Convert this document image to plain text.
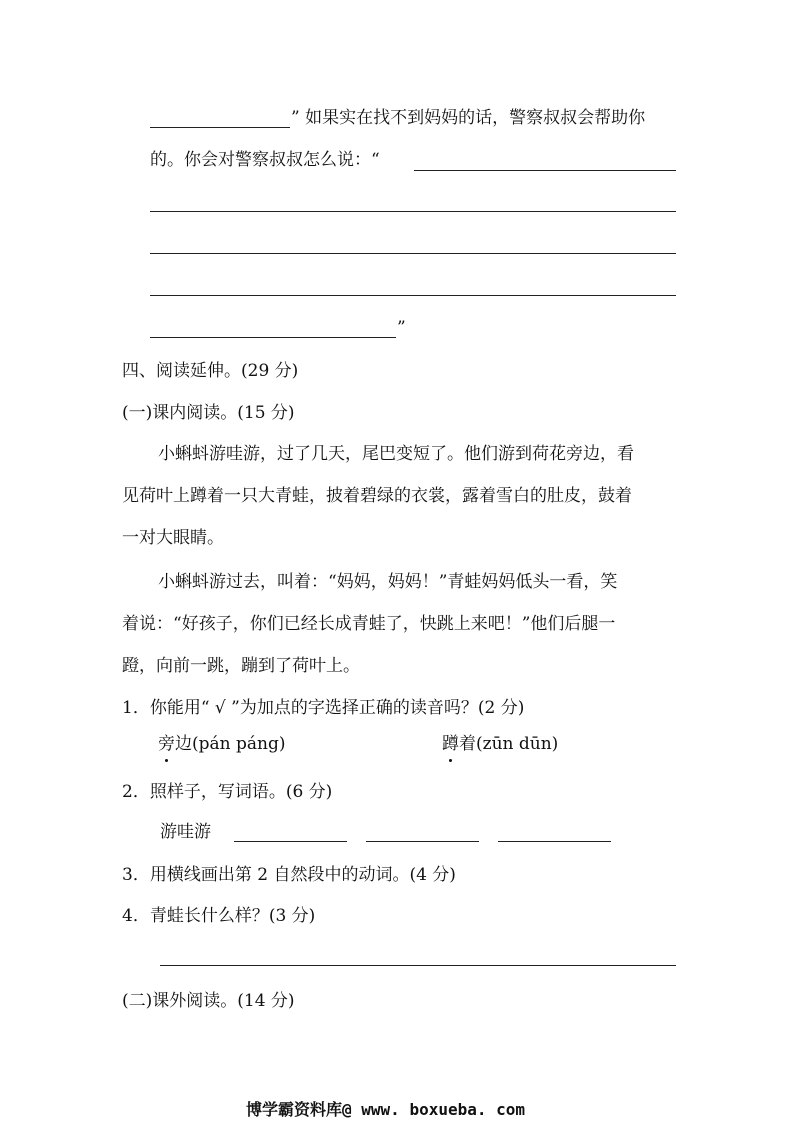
” 如果实在找不到妈妈的话，警察叔叔会帮助你
的。你会对警察叔叔怎么说：“
”
四、阅读延伸。(29 分)
(一)课内阅读。(15 分)
小蝌蚪游哇游，过了几天，尾巴变短了。他们游到荷花旁边，看
见荷叶上蹲着一只大青蛙，披着碧绿的衣裳，露着雪白的肚皮，鼓着
一对大眼睛。
小蝌蚪游过去，叫着：“妈妈，妈妈！”青蛙妈妈低头一看，笑
着说：“好孩子，你们已经长成青蛙了，快跳上来吧！”他们后腿一
蹬，向前一跳，蹦到了荷叶上。
1．你能用“ √ ”为加点的字选择正确的读音吗？(2 分)
旁边(pán páng)	蹲着(zūn dūn)
2．照样子，写词语。(6 分)
游哇游
3．用横线画出第 2 自然段中的动词。(4 分)
4．青蛙长什么样？(3 分)
(二)课外阅读。(14 分)
博学霸资料库@ www. boxueba. com
